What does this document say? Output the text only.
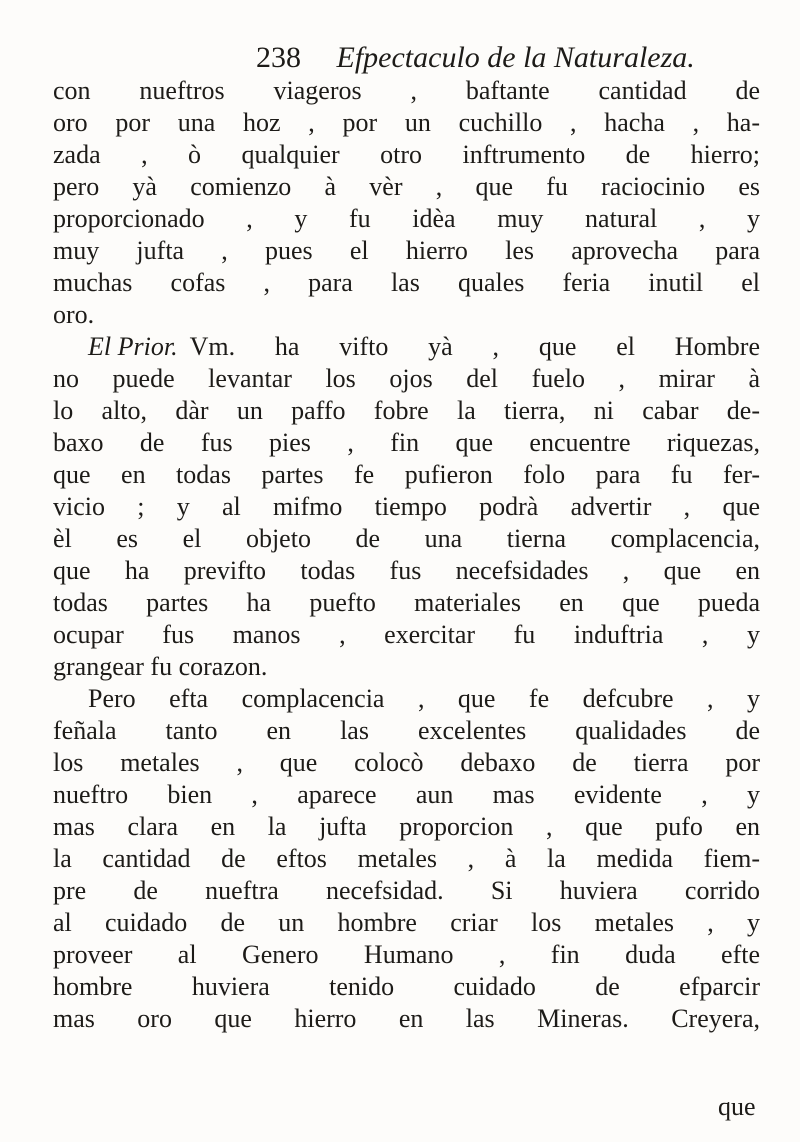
238 Efpectaculo de la Naturaleza.
con nueftros viageros , baftante cantidad de
oro por una hoz , por un cuchillo , hacha , ha-
zada , ò qualquier otro inftrumento de hierro;
pero yà comienzo à vèr , que fu raciocinio es
proporcionado , y fu idèa muy natural , y
muy jufta , pues el hierro les aprovecha para
muchas cofas , para las quales feria inutil el
oro.
El Prior. Vm. ha vifto yà , que el Hombre
no puede levantar los ojos del fuelo , mirar à
lo alto, dàr un paffo fobre la tierra, ni cabar de-
baxo de fus pies , fin que encuentre riquezas,
que en todas partes fe pufieron folo para fu fer-
vicio ; y al mifmo tiempo podrà advertir , que
èl es el objeto de una tierna complacencia,
que ha previfto todas fus necefsidades , que en
todas partes ha puefto materiales en que pueda
ocupar fus manos , exercitar fu induftria , y
grangear fu corazon.
Pero efta complacencia , que fe defcubre , y
feñala tanto en las excelentes qualidades de
los metales , que colocò debaxo de tierra por
nueftro bien , aparece aun mas evidente , y
mas clara en la jufta proporcion , que pufo en
la cantidad de eftos metales , à la medida fiem-
pre de nueftra necefsidad. Si huviera corrido
al cuidado de un hombre criar los metales , y
proveer al Genero Humano , fin duda efte
hombre huviera tenido cuidado de efparcir
mas oro que hierro en las Mineras. Creyera,
que
